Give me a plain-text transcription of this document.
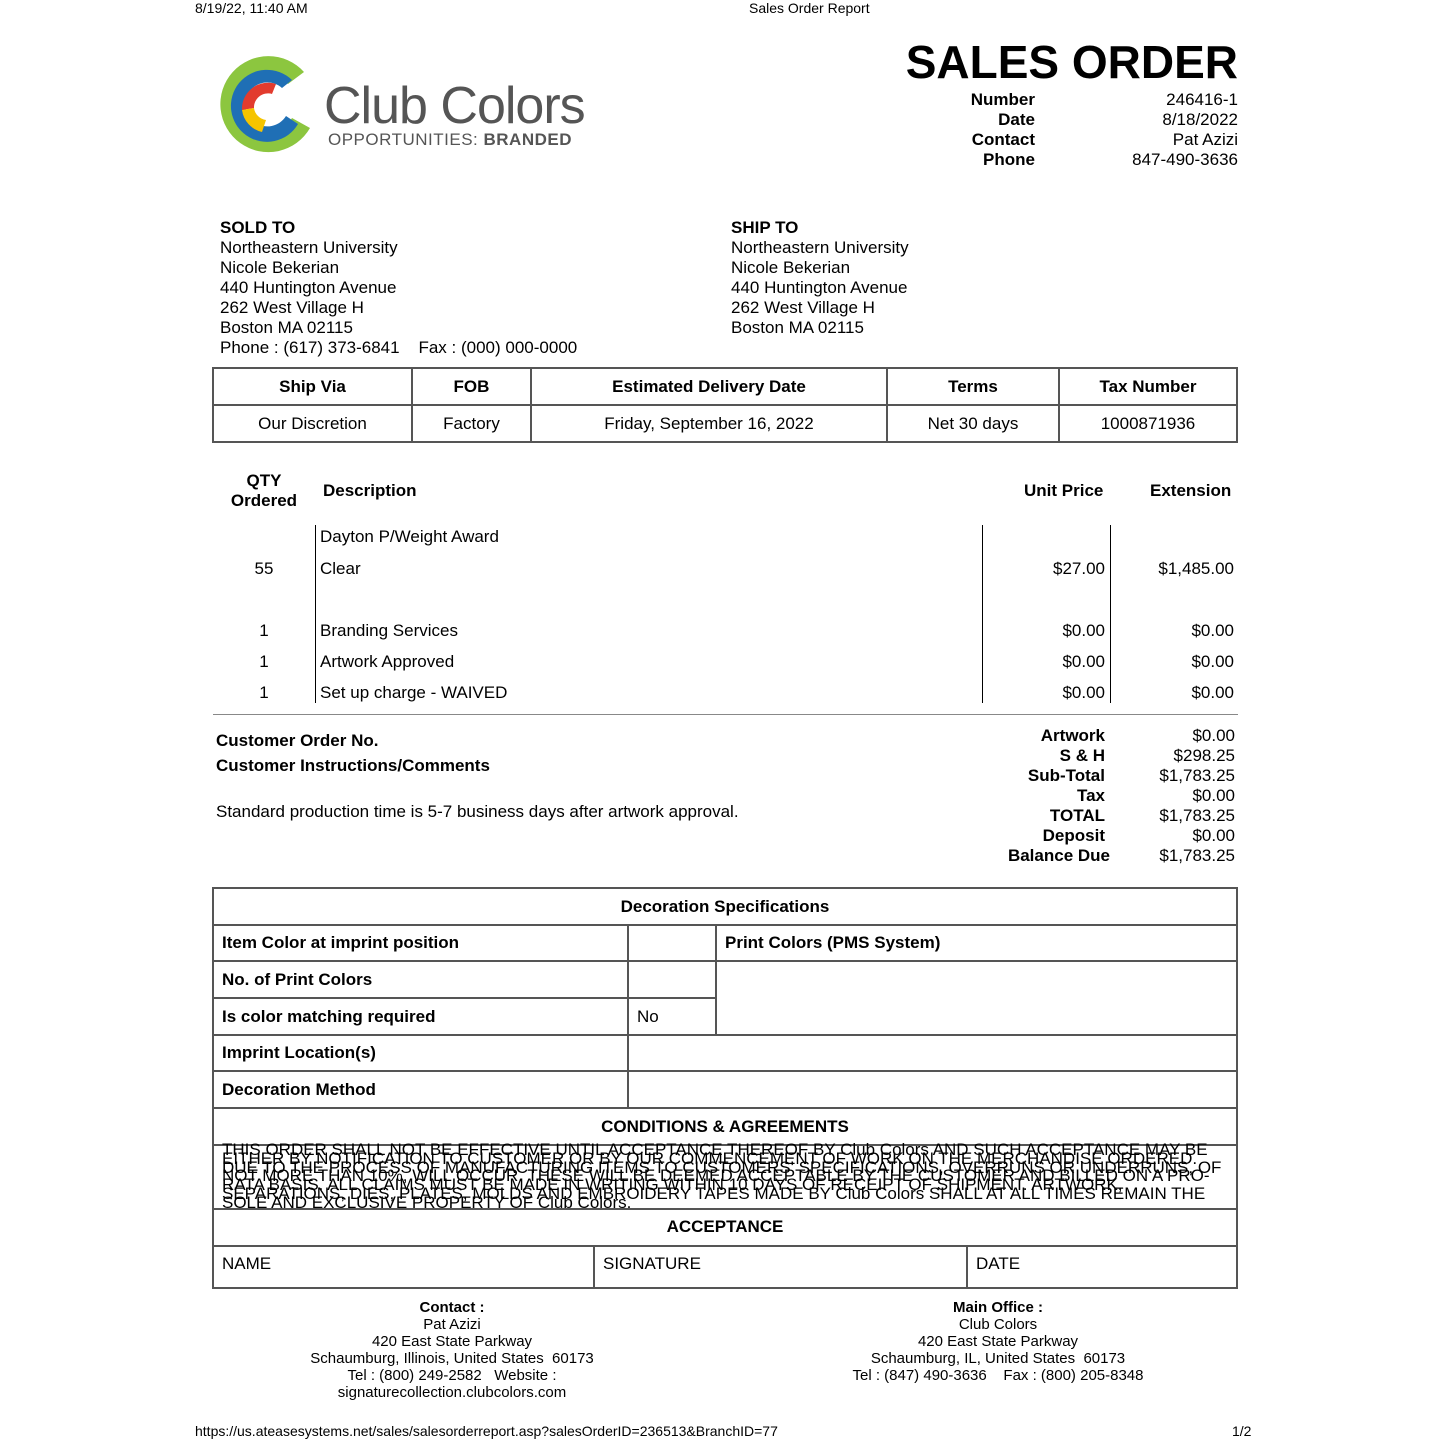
8/19/22, 11:40 AM	Sales Order Report
Club Colors
OPPORTUNITIES: BRANDED
SALES ORDER
Number	246416-1
Date	8/18/2022
Contact	Pat Azizi
Phone	847-490-3636
SOLD TO
Northeastern University
Nicole Bekerian
440 Huntington Avenue
262 West Village H
Boston MA 02115
Phone : (617) 373-6841    Fax : (000) 000-0000
SHIP TO
Northeastern University
Nicole Bekerian
440 Huntington Avenue
262 West Village H
Boston MA 02115
Ship Via	FOB	Estimated Delivery Date	Terms	Tax Number
Our Discretion	Factory	Friday, September 16, 2022	Net 30 days	1000871936
QTY
Ordered
Description	Unit Price	Extension
Dayton P/Weight Award
55	Clear	$27.00	$1,485.00
1	Branding Services	$0.00	$0.00
1	Artwork Approved	$0.00	$0.00
1	Set up charge - WAIVED	$0.00	$0.00
Customer Order No.
Customer Instructions/Comments
Standard production time is 5-7 business days after artwork approval.
Artwork	$0.00
S & H	$298.25
Sub-Total	$1,783.25
Tax	$0.00
TOTAL	$1,783.25
Deposit	$0.00
Balance Due	$1,783.25
Decoration Specifications		
Item Color at imprint position		Print Colors (PMS System)
No. of Print Colors		
Is color matching required	No	
Imprint Location(s)		
Decoration Method		
CONDITIONS & AGREEMENTS		
THIS ORDER SHALL NOT BE EFFECTIVE UNTIL ACCEPTANCE THEREOF BY Club Colors AND SUCH ACCEPTANCE MAY BE EITHER BY NOTIFICATION TO CUSTOMER OR BY OUR COMMENCEMENT OF WORK ON THE MERCHANDISE ORDERED. DUE TO THE PROCESS OF MANUFACTURING ITEMS TO CUSTOMERS' SPECIFICATIONS, OVERRUNS OR UNDERRUNS, OF NOT MORE THAN 10%, WILL OCCUR. THESE WILL BE DEEMED ACCEPTABLE BY THE CUSTOMER AND BILLED ON A PRO-RATA BASIS. ALL CLAIMS MUST BE MADE IN WRITING WITHIN 10 DAYS OF RECEIPT OF SHIPMENT. ARTWORK, SEPARATIONS, DIES, PLATES, MOLDS AND EMBROIDERY TAPES MADE BY Club Colors SHALL AT ALL TIMES REMAIN THE SOLE AND EXCLUSIVE PROPERTY OF Club Colors.		
ACCEPTANCE		

NAME SIGNATURE DATE		
Contact :
Pat Azizi
420 East State Parkway
Schaumburg, Illinois, United States  60173
Tel : (800) 249-2582   Website :
signaturecollection.clubcolors.com
Main Office :
Club Colors
420 East State Parkway
Schaumburg, IL, United States  60173
Tel : (847) 490-3636    Fax : (800) 205-8348
https://us.ateasesystems.net/sales/salesorderreport.asp?salesOrderID=236513&BranchID=77	1/2
